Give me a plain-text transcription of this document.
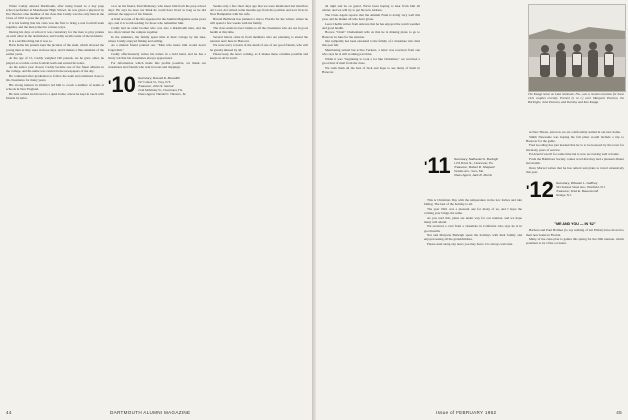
When Cuddy entered Dartmouth, after being hazed as a day prep school performer at Manchester High School, he was given a physical by Doc Bowler. One member of the class that Cuddy was the only man in the Class of 1910 to pass the physical.

It is his feeling that his class was the first to bring a real football team together, and the men joined in various ways.

During his days at school it was customary for the men to play pranks on each other in the dormitories, and Cuddy recalls some of the incidents.

It is a terrible thing but it was so.

Back home his parents kept the pictures of the team, which showed the young men as they were in those days, and it makes a fine reminder of the earlier years.

At the age of 15, Cuddy weighed 190 pounds. As he grew older, he played as a tackle on the football team and earned his letter.

As his senior year closed, Cuddy became one of the finest athletes in the college, and his name was carried in the newspapers of the day.

He continued after graduation to follow the team and remained close to his classmates for many years.

His strong interest in athletics led him to coach a number of teams at schools in New England.

He later retired and moved to a quiet home, where he kept in touch with friends by letter.

a lot on his friend, Paul Mahoney, who knew him from his prep school days. He says he does not think he could have lived as long as he did without the support of his friends.

A brief account of his life appeared in the Alumni Magazine some years ago, and it is worth reading for those who remember him.

Cuddy had an older brother who was also a Dartmouth man, and the two often visited the campus together.

In the summers, the family spent time at their cottage by the lake, where Cuddy enjoyed fishing and sailing.

As a mutual friend pointed out, "Men who knew him would never forget him."

Cuddy affectionately writes his letters in a bold hand, and he has a lively wit that his classmates always appreciated.

For information which made this profile possible, we thank our classmates and friends who sent in notes and clippings.

'10 Secretary, Russell D. Meredith
197 Canton St., Troy, N.Y.
Treasurer, John S. Gerrell
2144 McKinley St., Clearwater, Fla.
Class Agent, Harold C. Hanson, Sr.

Seems only a few short days ago that we were mentioned last month in Art Lord. Art retired some months ago from his position and now lives in New Hampshire with his wife.

Harold Bullivant has planned a trip to Florida for the winter, where he will spend a few weeks with his family.

The class sends its best wishes to all the classmates who are not in good health at this time.

Several letters came in from members who are planning to attend the reunion next June in Hanover.

We were sorry to learn of the death of one of our good friends, who will be greatly missed by all.

Please keep the news coming, as it makes these columns possible and keeps us all in touch.

44	DARTMOUTH ALUMNI MAGAZINE

all right and be on guard. We've been hoping to hear from him all winter, and we will try to get his new address.

The Class Agent reports that the Alumni Fund is doing very well this year, and he thanks all who have given.

Leon Chellis writes from Arizona that he has enjoyed the warm weather and good health.

Horace "Chub" Cheltenham tells us that he is making plans to go to Hanover in June for the reunion.

Our sympathy has been extended to the family of a classmate who died this past fall.

Mentioning retired but active Tuckers, a letter was received from one who says he is still working part time.

While it was "beginning to look a lot like Christmas," we received a good deal of mail from the class.

We wish them all the best of luck and hope to see many of them in Hanover.

'11 Secretary, Nathaniel G. Burleigh
1153 Davis St., Clearwater, Fla.
Treasurer, Robert D. Shepard
Seaside Ave., Saco, Me.
Class Agent, Jack R. Morris

This is Christmas Day with the temperature in the low forties and rain falling. The best of the holiday to all.

The year 1961 was a pleasant one for many of us, and I hope the coming year brings the same.

As you read this, plans are under way for our reunion, and we hope many will attend.

We received a card from a classmate in California who says he is in good health.

Nat and Marjorie Burleigh spent the holidays with their family and enjoyed seeing all the grandchildren.

Please send along any news you may have; it is always welcome.

The Knapp home on Lake Seminole, Fla., was a reunion location for these 1911 couples recently. Present (l. to r.) were Margaret Pearson, the Burleighs, John Pearson, and Dorothy and Ken Knapp.

in New Haven, and now we are comfortably settled in our new home.

Smith Newsome was hoping his fall plans would include a trip to Hanover for the game.

Fred Gooding has just learned that he is to be honored by the town for his many years of service.

Ed Arnold was ill for some time but is now recovering well at home.

From the Baltimore Society comes word that they had a pleasant dinner last month.

Dave Marvel writes that he has retired and plans to travel extensively this year.

'12 Secretary, Wheeler L. Gaffney
343 Jackson Street Ave., Westfield, N.J.
Treasurer, Fred E. Ravenscroft
Orange, N.J.
"ME AND YOU — IN '62"

Barbara and Paul Holmes (to say nothing of Art Elliott) have moved to their new home in Florida.

Many of the class plan to gather this spring for the 50th reunion, which promises to be a fine occasion.

Issue of FEBRUARY 1962	45
